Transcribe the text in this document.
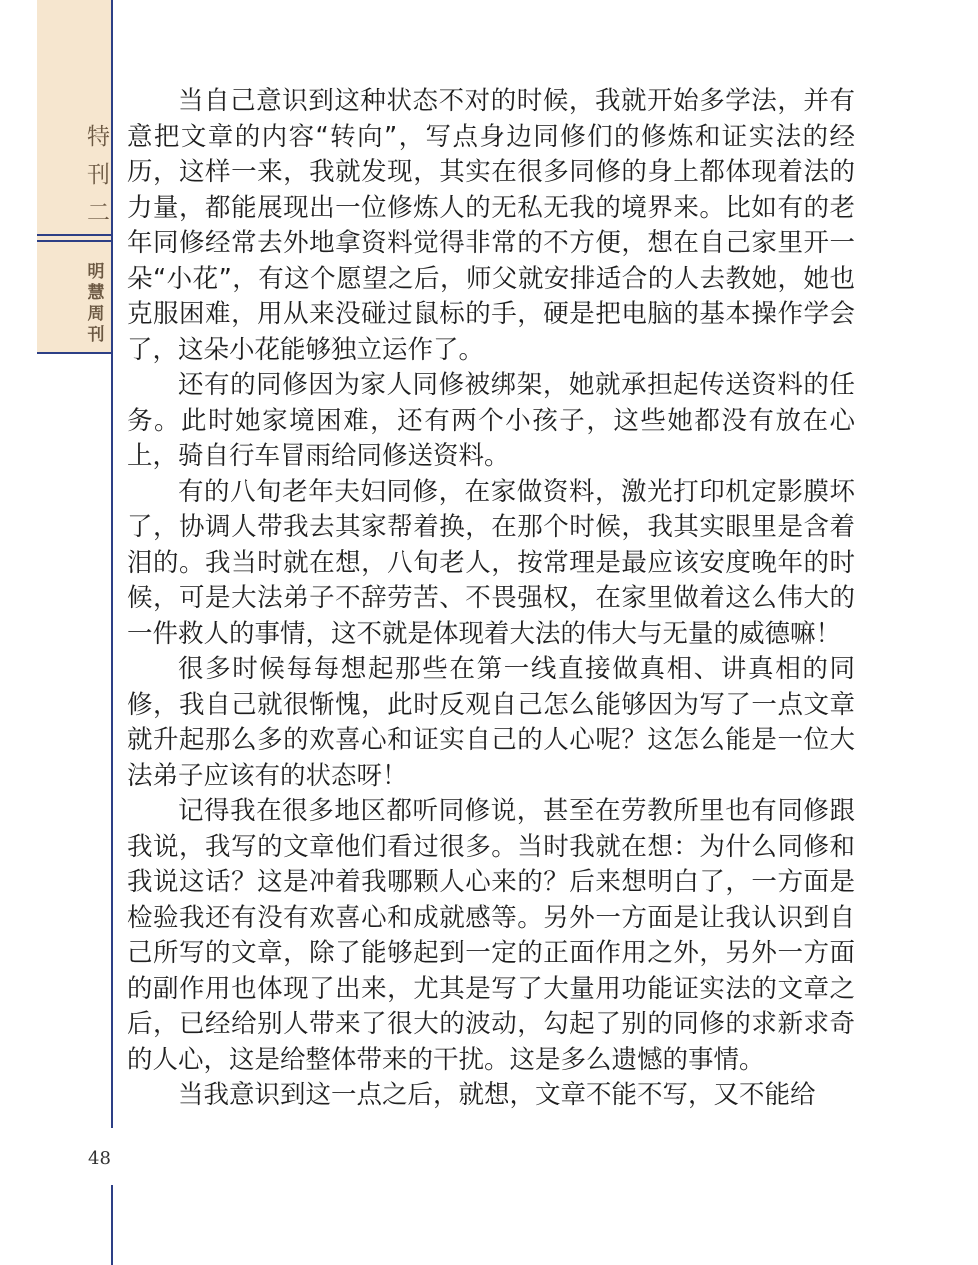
特刊二
明慧周刊
48

当自己意识到这种状态不对的时候，我就开始多学法，并有意把文章的内容“转向”，写点身边同修们的修炼和证实法的经历，这样一来，我就发现，其实在很多同修的身上都体现着法的力量，都能展现出一位修炼人的无私无我的境界来。比如有的老年同修经常去外地拿资料觉得非常的不方便，想在自己家里开一朵“小花”，有这个愿望之后，师父就安排适合的人去教她，她也克服困难，用从来没碰过鼠标的手，硬是把电脑的基本操作学会了，这朵小花能够独立运作了。

还有的同修因为家人同修被绑架，她就承担起传送资料的任务。此时她家境困难，还有两个小孩子，这些她都没有放在心上，骑自行车冒雨给同修送资料。

有的八旬老年夫妇同修，在家做资料，激光打印机定影膜坏了，协调人带我去其家帮着换，在那个时候，我其实眼里是含着泪的。我当时就在想，八旬老人，按常理是最应该安度晚年的时候，可是大法弟子不辞劳苦、不畏强权，在家里做着这么伟大的一件救人的事情，这不就是体现着大法的伟大与无量的威德嘛！

很多时候每每想起那些在第一线直接做真相、讲真相的同修，我自己就很惭愧，此时反观自己怎么能够因为写了一点文章就升起那么多的欢喜心和证实自己的人心呢？这怎么能是一位大法弟子应该有的状态呀！

记得我在很多地区都听同修说，甚至在劳教所里也有同修跟我说，我写的文章他们看过很多。当时我就在想：为什么同修和我说这话？这是冲着我哪颗人心来的？后来想明白了，一方面是检验我还有没有欢喜心和成就感等。另外一方面是让我认识到自己所写的文章，除了能够起到一定的正面作用之外，另外一方面的副作用也体现了出来，尤其是写了大量用功能证实法的文章之后，已经给别人带来了很大的波动，勾起了别的同修的求新求奇的人心，这是给整体带来的干扰。这是多么遗憾的事情。

当我意识到这一点之后，就想，文章不能不写，又不能给
